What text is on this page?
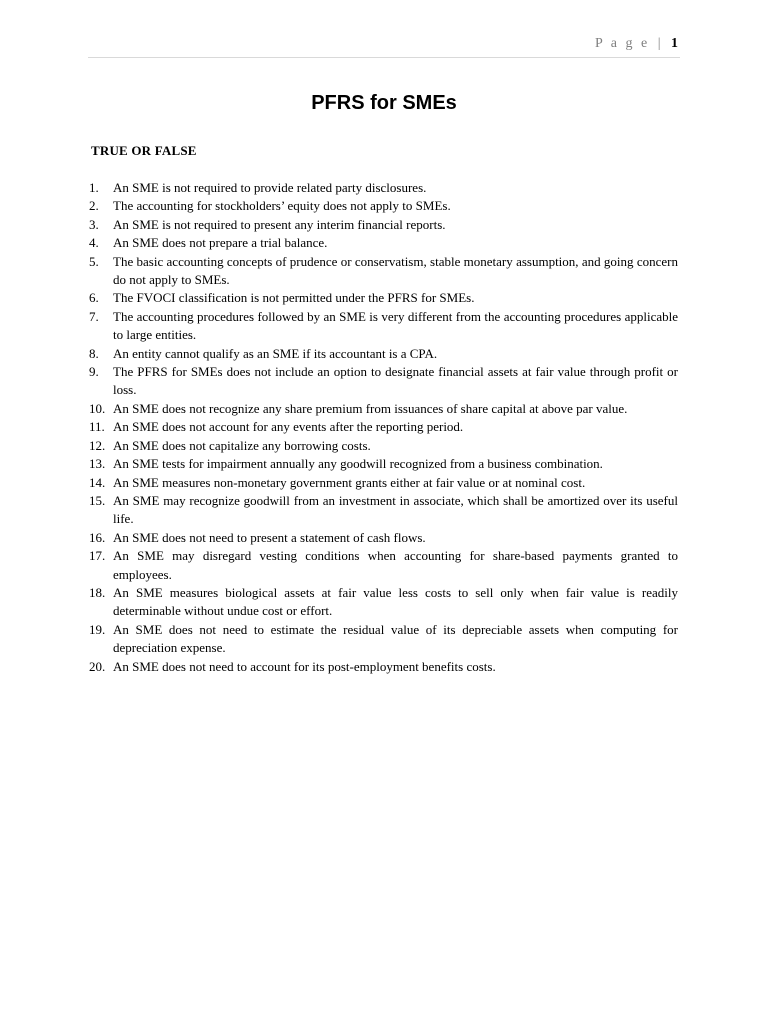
P a g e | 1
PFRS for SMEs
TRUE OR FALSE
1.	An SME is not required to provide related party disclosures.
2.	The accounting for stockholders’ equity does not apply to SMEs.
3.	An SME is not required to present any interim financial reports.
4.	An SME does not prepare a trial balance.
5.	The basic accounting concepts of prudence or conservatism, stable monetary assumption, and going concern do not apply to SMEs.
6.	The FVOCI classification is not permitted under the PFRS for SMEs.
7.	The accounting procedures followed by an SME is very different from the accounting procedures applicable to large entities.
8.	An entity cannot qualify as an SME if its accountant is a CPA.
9.	The PFRS for SMEs does not include an option to designate financial assets at fair value through profit or loss.
10. An SME does not recognize any share premium from issuances of share capital at above par value.
11. An SME does not account for any events after the reporting period.
12. An SME does not capitalize any borrowing costs.
13. An SME tests for impairment annually any goodwill recognized from a business combination.
14. An SME measures non-monetary government grants either at fair value or at nominal cost.
15. An SME may recognize goodwill from an investment in associate, which shall be amortized over its useful life.
16. An SME does not need to present a statement of cash flows.
17. An SME may disregard vesting conditions when accounting for share-based payments granted to employees.
18. An SME measures biological assets at fair value less costs to sell only when fair value is readily determinable without undue cost or effort.
19. An SME does not need to estimate the residual value of its depreciable assets when computing for depreciation expense.
20. An SME does not need to account for its post-employment benefits costs.
